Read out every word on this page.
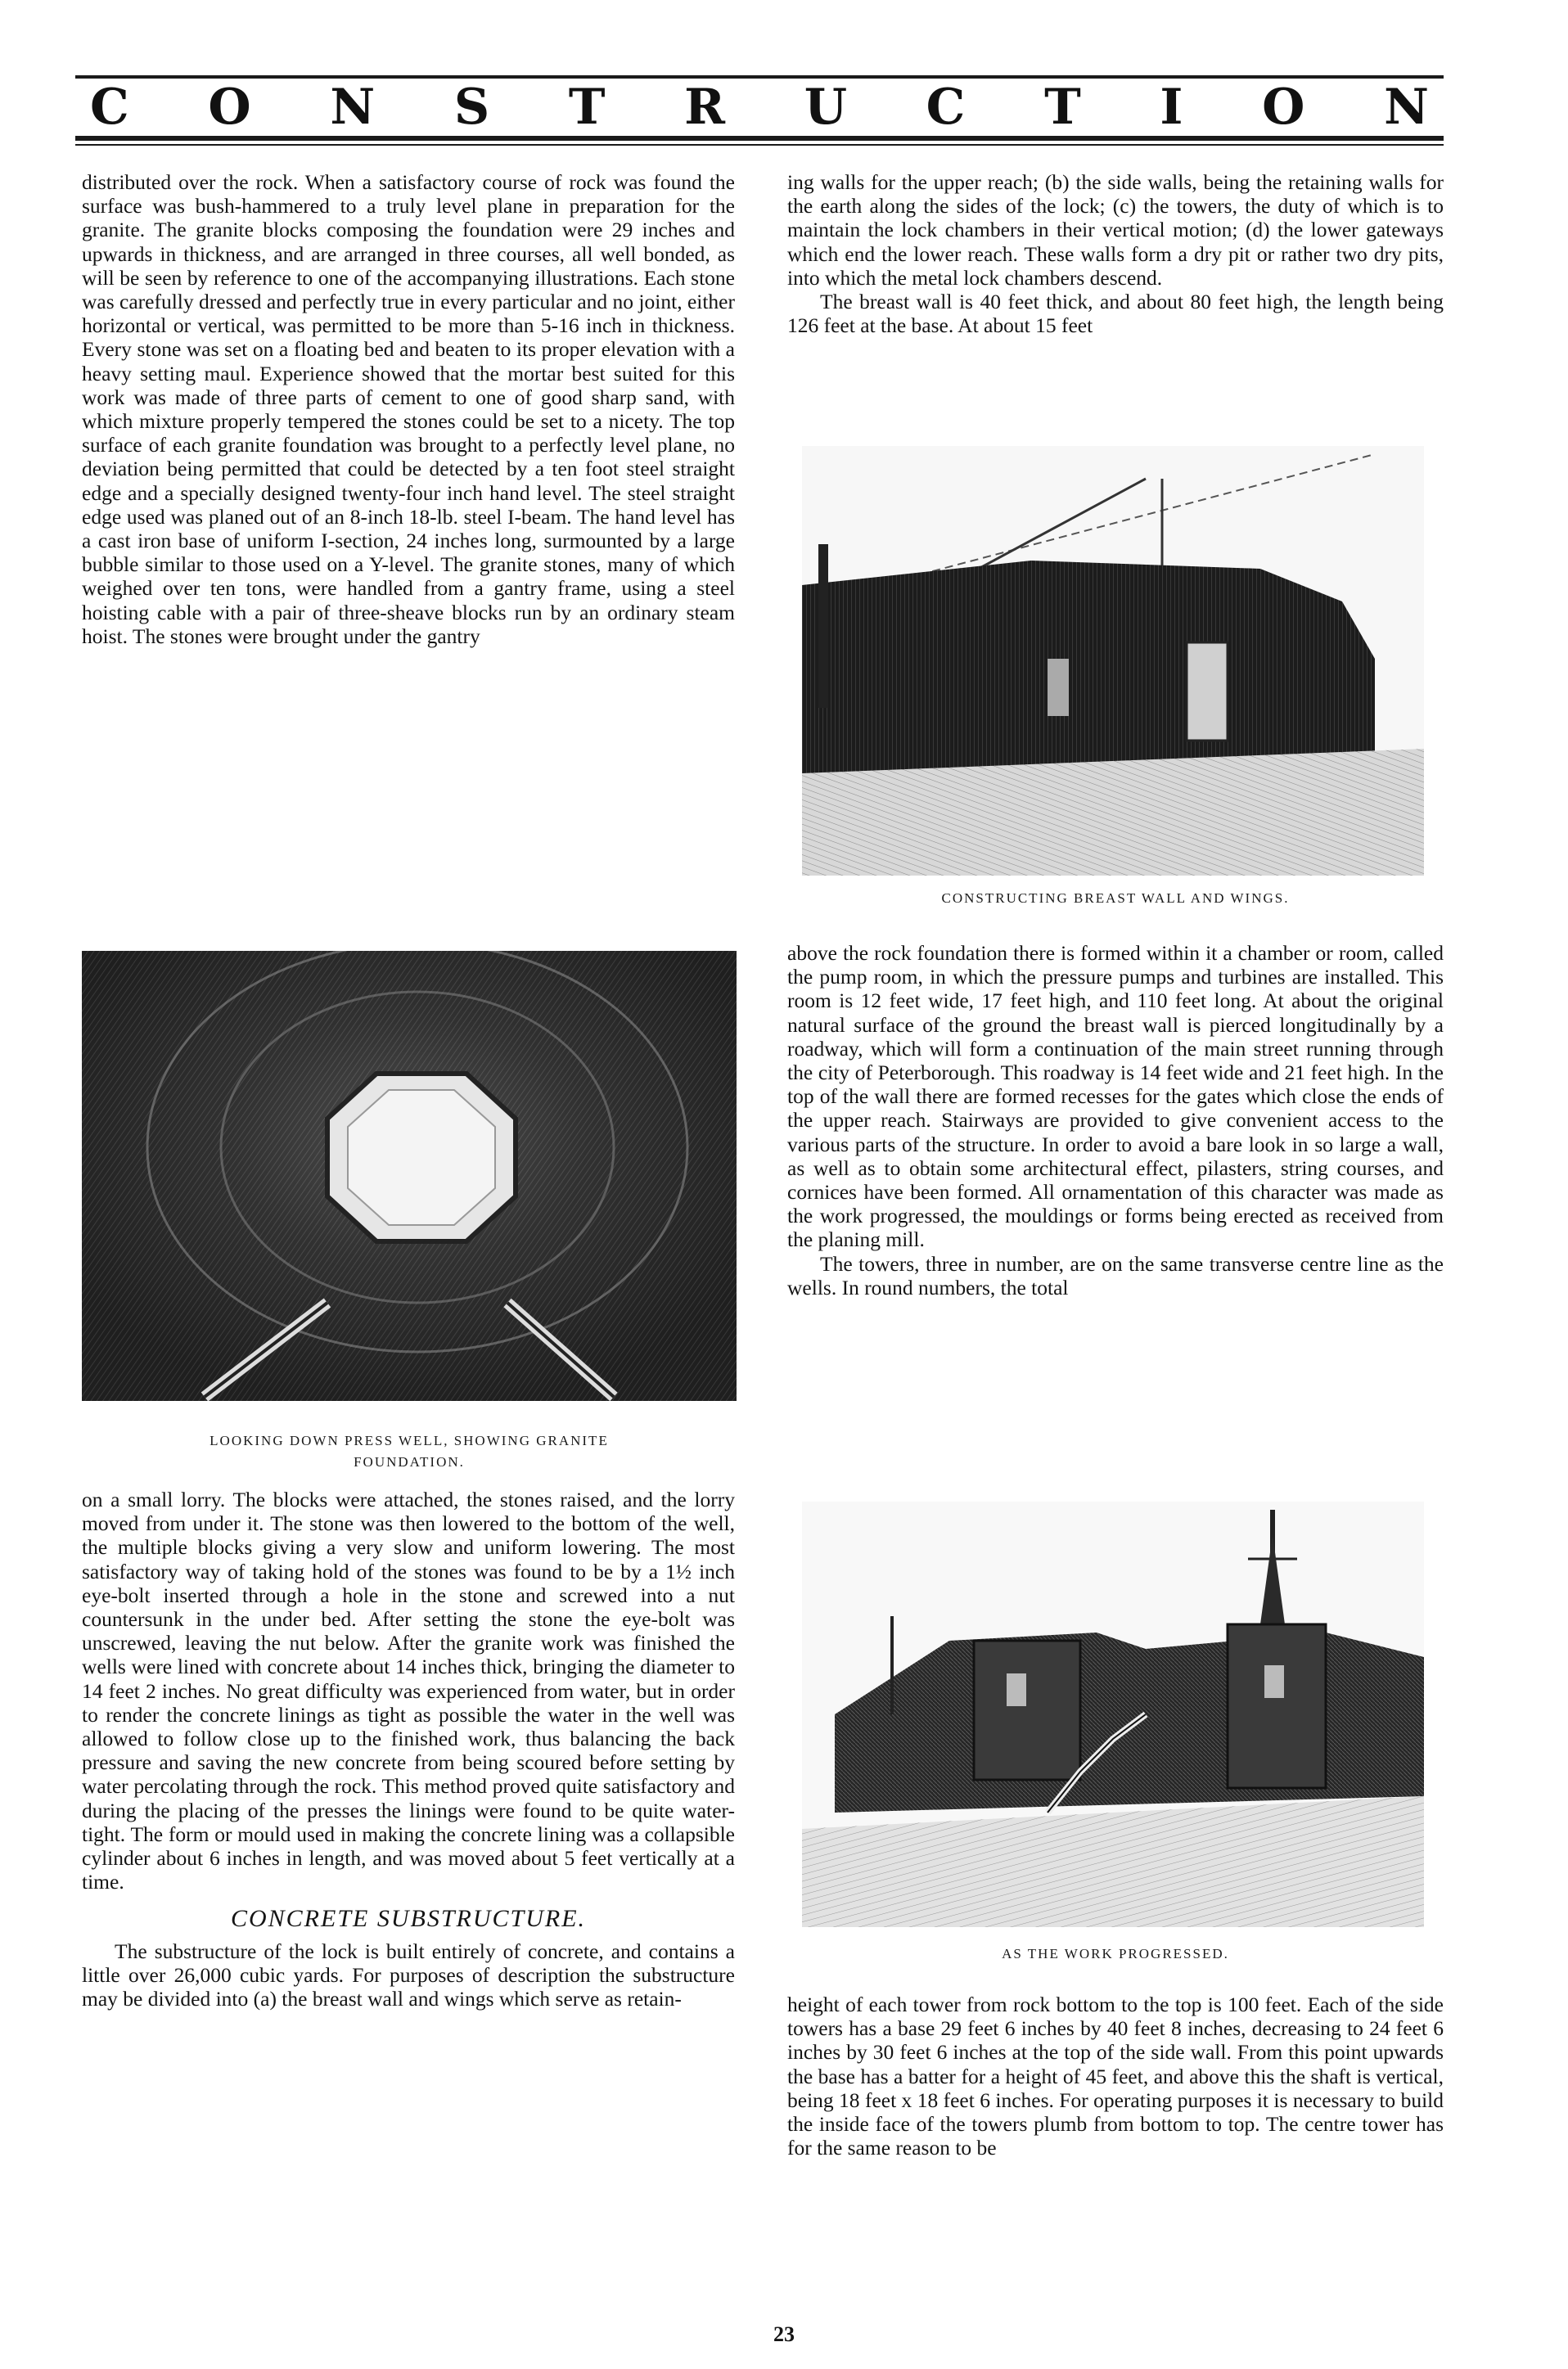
C O N S T R U C T I O N

distributed over the rock. When a satisfactory course of rock was found the surface was bush-hammered to a truly level plane in preparation for the granite. The granite blocks composing the foundation were 29 inches and upwards in thickness, and are arranged in three courses, all well bonded, as will be seen by reference to one of the accompanying illustrations. Each stone was carefully dressed and perfectly true in every particular and no joint, either horizontal or vertical, was permitted to be more than 5-16 inch in thickness. Every stone was set on a floating bed and beaten to its proper elevation with a heavy setting maul. Experience showed that the mortar best suited for this work was made of three parts of cement to one of good sharp sand, with which mixture properly tempered the stones could be set to a nicety. The top surface of each granite foundation was brought to a perfectly level plane, no deviation being permitted that could be detected by a ten foot steel straight edge and a specially designed twenty-four inch hand level. The steel straight edge used was planed out of an 8-inch 18-lb. steel I-beam. The hand level has a cast iron base of uniform I-section, 24 inches long, surmounted by a large bubble similar to those used on a Y-level. The granite stones, many of which weighed over ten tons, were handled from a gantry frame, using a steel hoisting cable with a pair of three-sheave blocks run by an ordinary steam hoist. The stones were brought under the gantry

LOOKING DOWN PRESS WELL, SHOWING GRANITE
FOUNDATION.

on a small lorry. The blocks were attached, the stones raised, and the lorry moved from under it. The stone was then lowered to the bottom of the well, the multiple blocks giving a very slow and uniform lowering. The most satisfactory way of taking hold of the stones was found to be by a 1½ inch eye-bolt inserted through a hole in the stone and screwed into a nut countersunk in the under bed. After setting the stone the eye-bolt was unscrewed, leaving the nut below. After the granite work was finished the wells were lined with concrete about 14 inches thick, bringing the diameter to 14 feet 2 inches. No great difficulty was experienced from water, but in order to render the concrete linings as tight as possible the water in the well was allowed to follow close up to the finished work, thus balancing the back pressure and saving the new concrete from being scoured before setting by water percolating through the rock. This method proved quite satisfactory and during the placing of the presses the linings were found to be quite water-tight. The form or mould used in making the concrete lining was a collapsible cylinder about 6 inches in length, and was moved about 5 feet vertically at a time.

CONCRETE SUBSTRUCTURE.

The substructure of the lock is built entirely of concrete, and contains a little over 26,000 cubic yards. For purposes of description the substructure may be divided into (a) the breast wall and wings which serve as retain-

ing walls for the upper reach; (b) the side walls, being the retaining walls for the earth along the sides of the lock; (c) the towers, the duty of which is to maintain the lock chambers in their vertical motion; (d) the lower gateways which end the lower reach. These walls form a dry pit or rather two dry pits, into which the metal lock chambers descend.

The breast wall is 40 feet thick, and about 80 feet high, the length being 126 feet at the base. At about 15 feet

CONSTRUCTING BREAST WALL AND WINGS.

above the rock foundation there is formed within it a chamber or room, called the pump room, in which the pressure pumps and turbines are installed. This room is 12 feet wide, 17 feet high, and 110 feet long. At about the original natural surface of the ground the breast wall is pierced longitudinally by a roadway, which will form a continuation of the main street running through the city of Peterborough. This roadway is 14 feet wide and 21 feet high. In the top of the wall there are formed recesses for the gates which close the ends of the upper reach. Stairways are provided to give convenient access to the various parts of the structure. In order to avoid a bare look in so large a wall, as well as to obtain some architectural effect, pilasters, string courses, and cornices have been formed. All ornamentation of this character was made as the work progressed, the mouldings or forms being erected as received from the planing mill.

The towers, three in number, are on the same transverse centre line as the wells. In round numbers, the total

AS THE WORK PROGRESSED.

height of each tower from rock bottom to the top is 100 feet. Each of the side towers has a base 29 feet 6 inches by 40 feet 8 inches, decreasing to 24 feet 6 inches by 30 feet 6 inches at the top of the side wall. From this point upwards the base has a batter for a height of 45 feet, and above this the shaft is vertical, being 18 feet x 18 feet 6 inches. For operating purposes it is necessary to build the inside face of the towers plumb from bottom to top. The centre tower has for the same reason to be

23
